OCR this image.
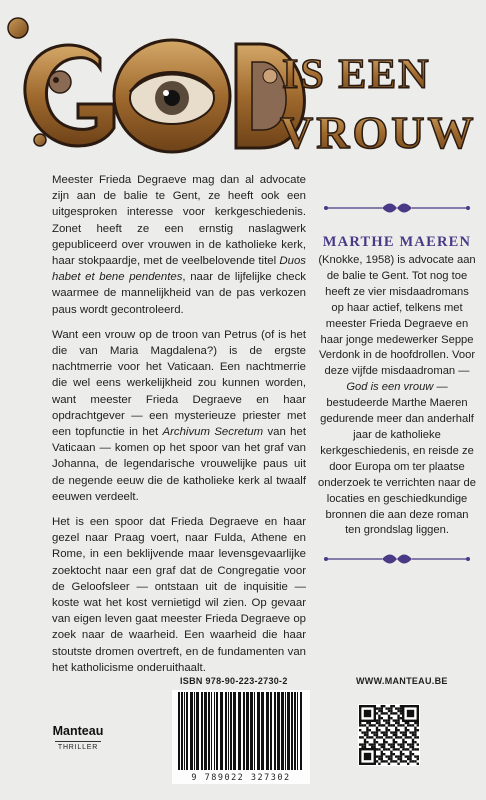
IS EEN
VROUW

Meester Frieda Degraeve mag dan al advocate zijn aan de balie te Gent, ze heeft ook een uitgesproken interesse voor kerkgeschiedenis. Zonet heeft ze een ernstig naslagwerk gepubliceerd over vrouwen in de katholieke kerk, haar stokpaardje, met de veelbelovende titel Duos habet et bene pendentes, naar de lijfelijke check waarmee de mannelijkheid van de pas verkozen paus wordt gecontroleerd.

Want een vrouw op de troon van Petrus (of is het die van Maria Magdalena?) is de ergste nachtmerrie voor het Vaticaan. Een nachtmerrie die wel eens werkelijkheid zou kunnen worden, want meester Frieda Degraeve en haar opdrachtgever — een mysterieuze priester met een topfunctie in het Archivum Secretum van het Vaticaan — komen op het spoor van het graf van Johanna, de legendarische vrouwelijke paus uit de negende eeuw die de katholieke kerk al twaalf eeuwen verdeelt.

Het is een spoor dat Frieda Degraeve en haar gezel naar Praag voert, naar Fulda, Athene en Rome, in een beklijvende maar levensgevaarlijke zoektocht naar een graf dat de Congregatie voor de Geloofsleer — ontstaan uit de inquisitie — koste wat het kost vernietigd wil zien. Op gevaar van eigen leven gaat meester Frieda Degraeve op zoek naar de waarheid. Een waarheid die haar stoutste dromen overtreft, en de fundamenten van het katholicisme onderuithaalt.

MARTHE MAEREN

(Knokke, 1958) is advocate aan de balie te Gent. Tot nog toe heeft ze vier misdaadromans op haar actief, telkens met meester Frieda Degraeve en haar jonge medewerker Seppe Verdonk in de hoofdrollen. Voor deze vijfde misdaadroman — God is een vrouw — bestudeerde Marthe Maeren gedurende meer dan anderhalf jaar de katholieke kerkgeschiedenis, en reisde ze door Europa om ter plaatse onderzoek te verrichten naar de locaties en geschiedkundige bronnen die aan deze roman ten grondslag liggen.

ISBN 978-90-223-2730-2	WWW.MANTEAU.BE
9 789022 327302
Manteau
THRILLER
